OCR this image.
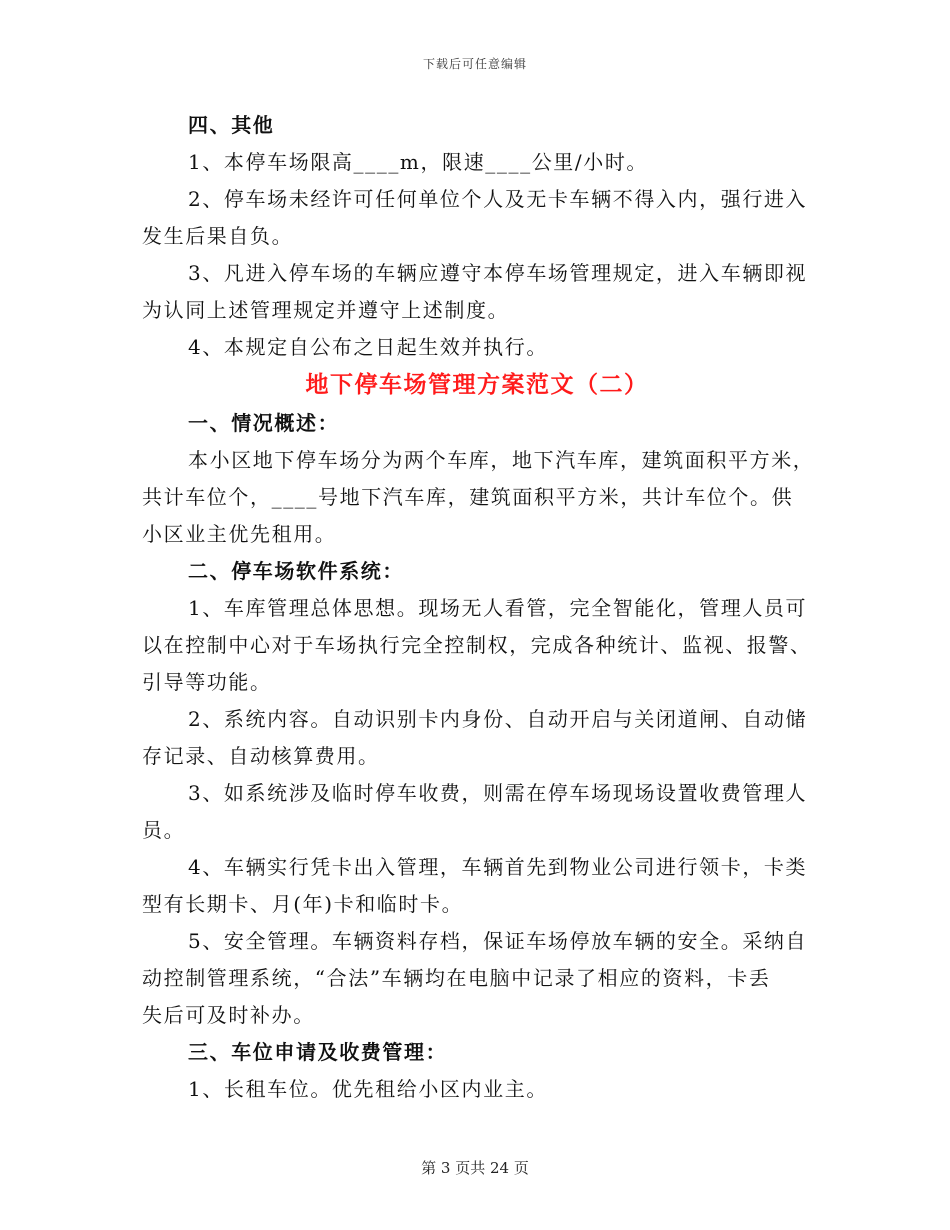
下载后可任意编辑
四、其他
1、本停车场限高____m，限速____公里/小时。
2、停车场未经许可任何单位个人及无卡车辆不得入内，强行进入
发生后果自负。
3、凡进入停车场的车辆应遵守本停车场管理规定，进入车辆即视
为认同上述管理规定并遵守上述制度。
4、本规定自公布之日起生效并执行。
地下停车场管理方案范文（二）
一、情况概述：
本小区地下停车场分为两个车库，地下汽车库，建筑面积平方米，
共计车位个，____号地下汽车库，建筑面积平方米，共计车位个。供
小区业主优先租用。
二、停车场软件系统：
1、车库管理总体思想。现场无人看管，完全智能化，管理人员可
以在控制中心对于车场执行完全控制权，完成各种统计、监视、报警、
引导等功能。
2、系统内容。自动识别卡内身份、自动开启与关闭道闸、自动储
存记录、自动核算费用。
3、如系统涉及临时停车收费，则需在停车场现场设置收费管理人
员。
4、车辆实行凭卡出入管理，车辆首先到物业公司进行领卡，卡类
型有长期卡、月(年)卡和临时卡。
5、安全管理。车辆资料存档，保证车场停放车辆的安全。采纳自
动控制管理系统，“合法”车辆均在电脑中记录了相应的资料，卡丢
失后可及时补办。
三、车位申请及收费管理：
1、长租车位。优先租给小区内业主。
第 3 页共 24 页
